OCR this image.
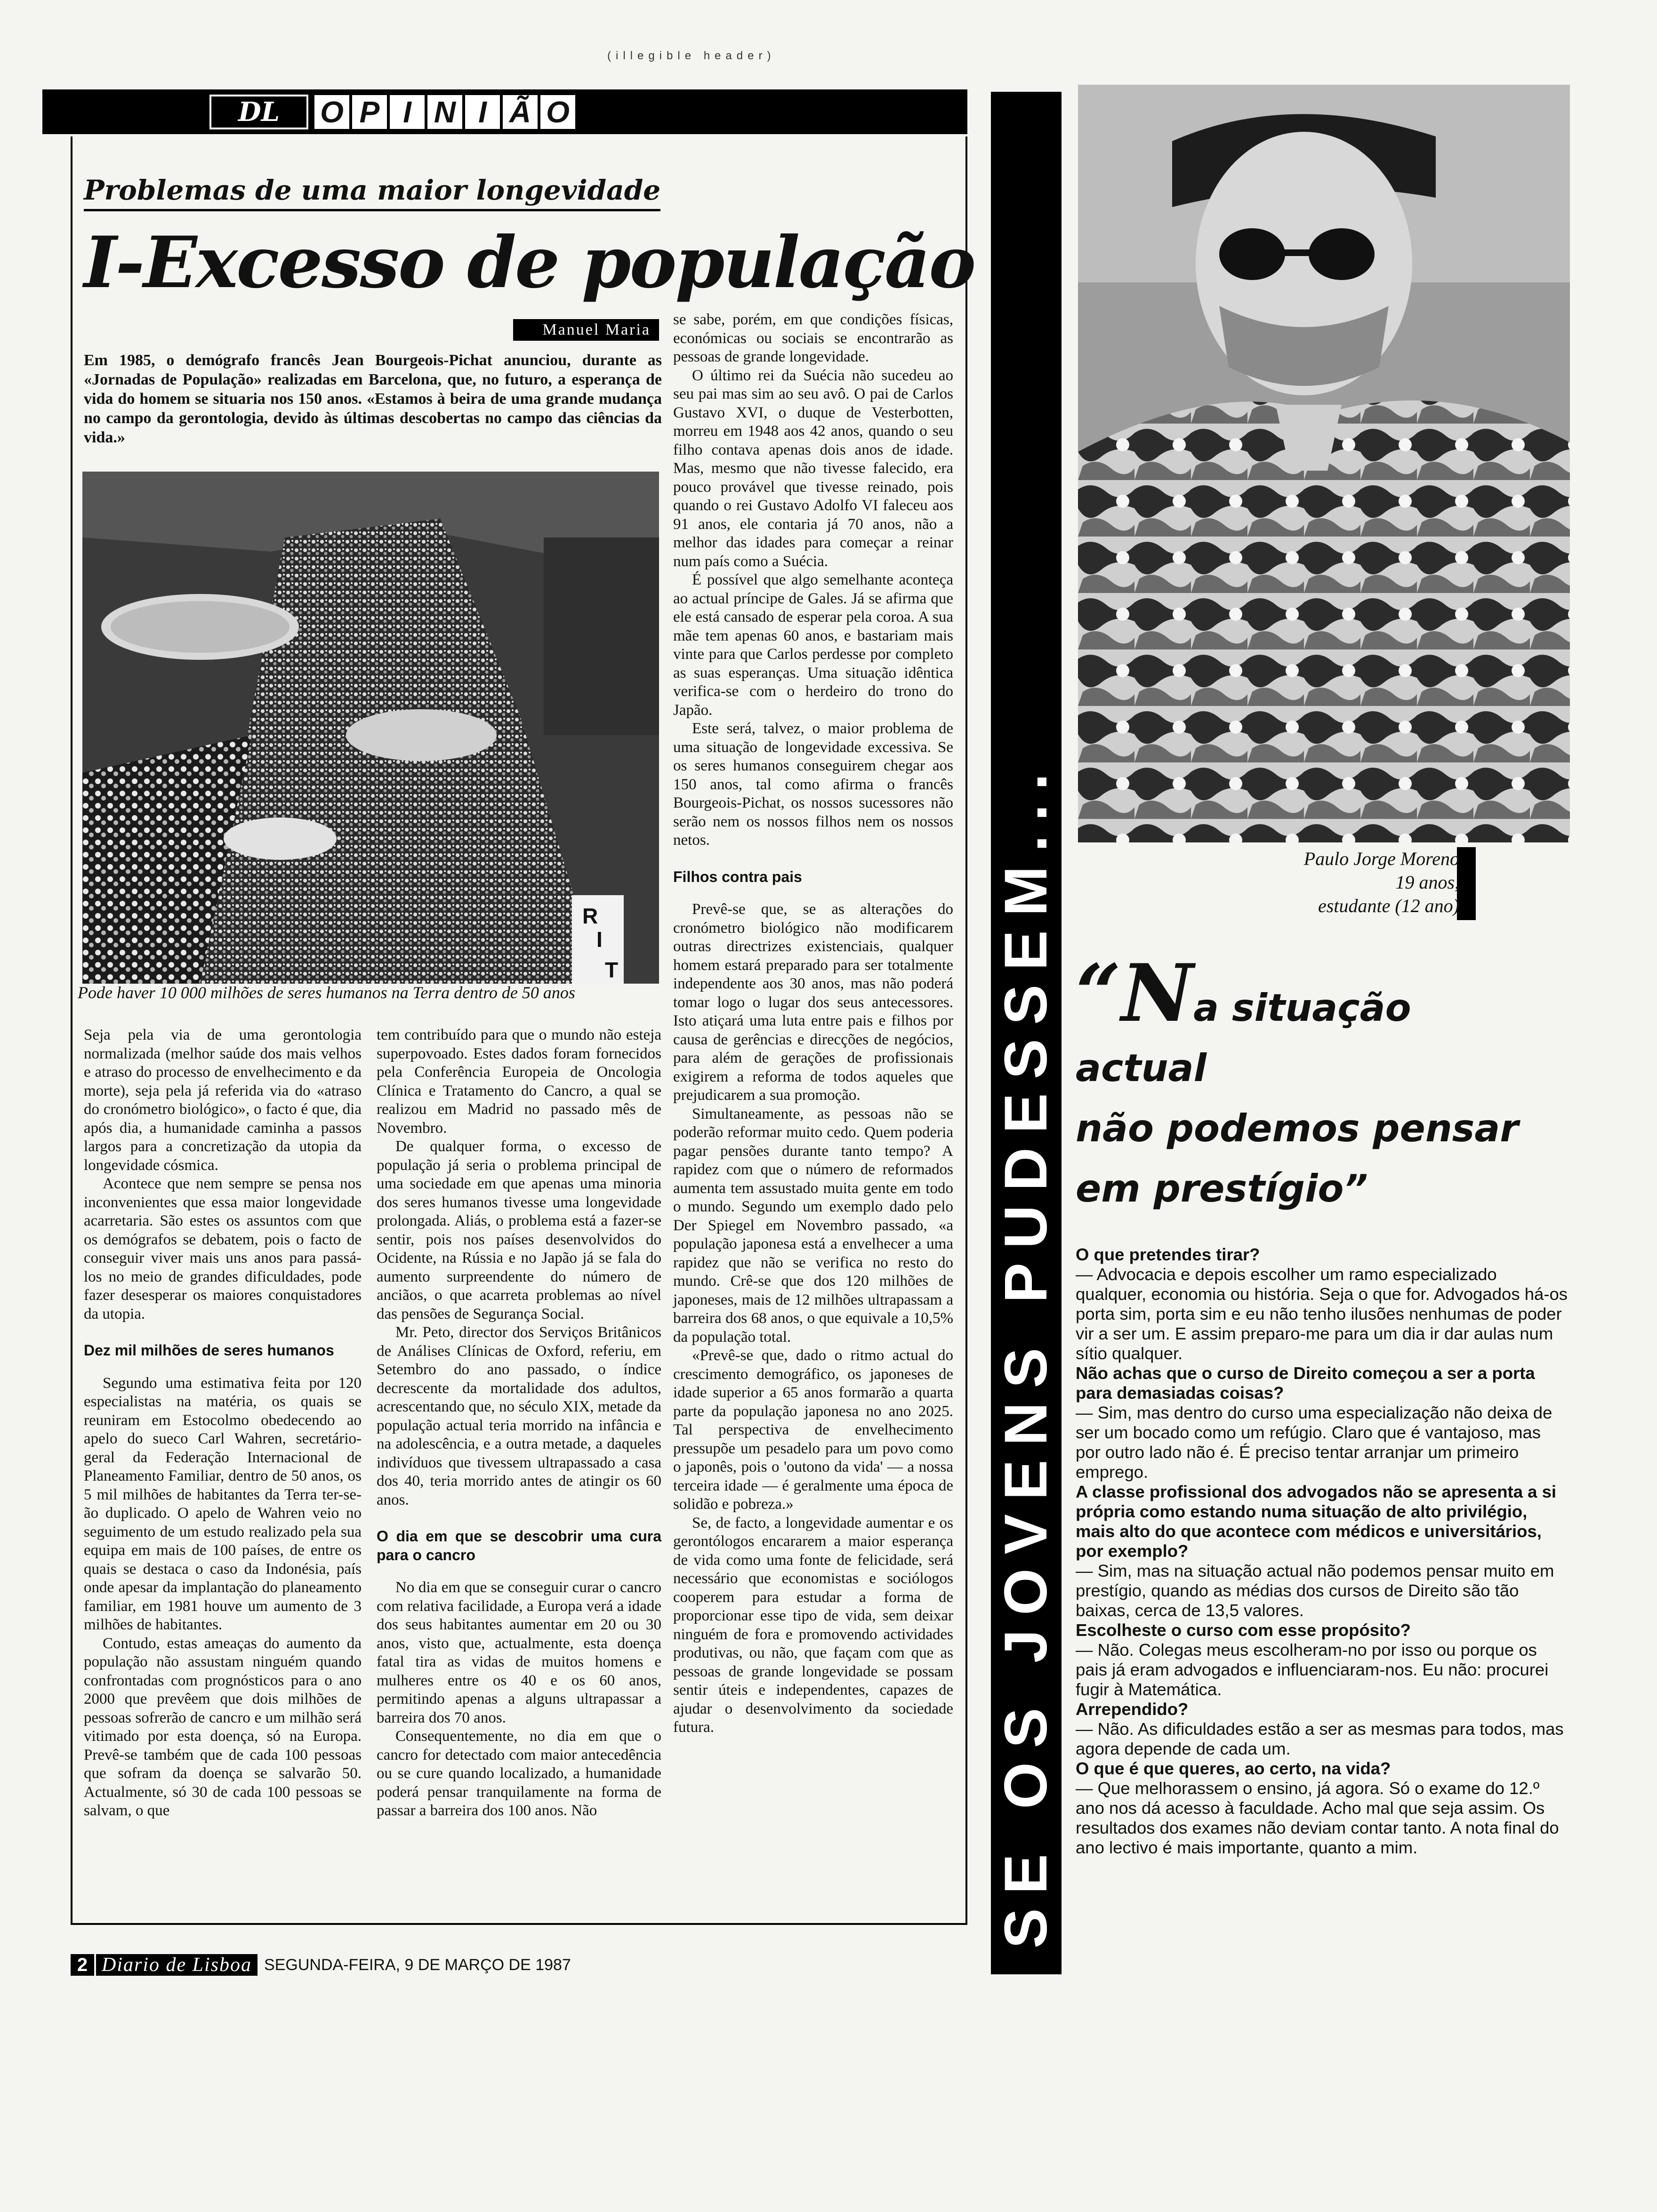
(illegible header)
DL	O P I N I Ã O
Problemas de uma maior longevidade
I-Excesso de população
Manuel Maria
Em 1985, o demógrafo francês Jean Bourgeois-Pichat anunciou, durante as «Jornadas de População» realizadas em Barcelona, que, no futuro, a esperança de vida do homem se situaria nos 150 anos. «Estamos à beira de uma grande mudança no campo da gerontologia, devido às últimas descobertas no campo das ciências da vida.»
R
I
T
Pode haver 10 000 milhões de seres humanos na Terra dentro de 50 anos

Seja pela via de uma gerontologia normalizada (melhor saúde dos mais velhos e atraso do processo de envelhecimento e da morte), seja pela já referida via do «atraso do cronómetro biológico», o facto é que, dia após dia, a humanidade caminha a passos largos para a concretização da utopia da longevidade cósmica.

Acontece que nem sempre se pensa nos inconvenientes que essa maior longevidade acarretaria. São estes os assuntos com que os demógrafos se debatem, pois o facto de conseguir viver mais uns anos para passá-los no meio de grandes dificuldades, pode fazer desesperar os maiores conquistadores da utopia.

Dez mil milhões de seres humanos

Segundo uma estimativa feita por 120 especialistas na matéria, os quais se reuniram em Estocolmo obedecendo ao apelo do sueco Carl Wahren, secretário-geral da Federação Internacional de Planeamento Familiar, dentro de 50 anos, os 5 mil milhões de habitantes da Terra ter-se-ão duplicado. O apelo de Wahren veio no seguimento de um estudo realizado pela sua equipa em mais de 100 países, de entre os quais se destaca o caso da Indonésia, país onde apesar da implantação do planeamento familiar, em 1981 houve um aumento de 3 milhões de habitantes.

Contudo, estas ameaças do aumento da população não assustam ninguém quando confrontadas com prognósticos para o ano 2000 que prevêem que dois milhões de pessoas sofrerão de cancro e um milhão será vitimado por esta doença, só na Europa. Prevê-se também que de cada 100 pessoas que sofram da doença se salvarão 50. Actualmente, só 30 de cada 100 pessoas se salvam, o que

tem contribuído para que o mundo não esteja superpovoado. Estes dados foram fornecidos pela Conferência Europeia de Oncologia Clínica e Tratamento do Cancro, a qual se realizou em Madrid no passado mês de Novembro.

De qualquer forma, o excesso de população já seria o problema principal de uma sociedade em que apenas uma minoria dos seres humanos tivesse uma longevidade prolongada. Aliás, o problema está a fazer-se sentir, pois nos países desenvolvidos do Ocidente, na Rússia e no Japão já se fala do aumento surpreendente do número de anciãos, o que acarreta problemas ao nível das pensões de Segurança Social.

Mr. Peto, director dos Serviços Britânicos de Análises Clínicas de Oxford, referiu, em Setembro do ano passado, o índice decrescente da mortalidade dos adultos, acrescentando que, no século XIX, metade da população actual teria morrido na infância e na adolescência, e a outra metade, a daqueles indivíduos que tivessem ultrapassado a casa dos 40, teria morrido antes de atingir os 60 anos.

O dia em que se descobrir uma cura para o cancro

No dia em que se conseguir curar o cancro com relativa facilidade, a Europa verá a idade dos seus habitantes aumentar em 20 ou 30 anos, visto que, actualmente, esta doença fatal tira as vidas de muitos homens e mulheres entre os 40 e os 60 anos, permitindo apenas a alguns ultrapassar a barreira dos 70 anos.

Consequentemente, no dia em que o cancro for detectado com maior antecedência ou se cure quando localizado, a humanidade poderá pensar tranquilamente na forma de passar a barreira dos 100 anos. Não

se sabe, porém, em que condições físicas, económicas ou sociais se encontrarão as pessoas de grande longevidade.

O último rei da Suécia não sucedeu ao seu pai mas sim ao seu avô. O pai de Carlos Gustavo XVI, o duque de Vesterbotten, morreu em 1948 aos 42 anos, quando o seu filho contava apenas dois anos de idade. Mas, mesmo que não tivesse falecido, era pouco provável que tivesse reinado, pois quando o rei Gustavo Adolfo VI faleceu aos 91 anos, ele contaria já 70 anos, não a melhor das idades para começar a reinar num país como a Suécia.

É possível que algo semelhante aconteça ao actual príncipe de Gales. Já se afirma que ele está cansado de esperar pela coroa. A sua mãe tem apenas 60 anos, e bastariam mais vinte para que Carlos perdesse por completo as suas esperanças. Uma situação idêntica verifica-se com o herdeiro do trono do Japão.

Este será, talvez, o maior problema de uma situação de longevidade excessiva. Se os seres humanos conseguirem chegar aos 150 anos, tal como afirma o francês Bourgeois-Pichat, os nossos sucessores não serão nem os nossos filhos nem os nossos netos.

Filhos contra pais

Prevê-se que, se as alterações do cronómetro biológico não modificarem outras directrizes existenciais, qualquer homem estará preparado para ser totalmente independente aos 30 anos, mas não poderá tomar logo o lugar dos seus antecessores. Isto atiçará uma luta entre pais e filhos por causa de gerências e direcções de negócios, para além de gerações de profissionais exigirem a reforma de todos aqueles que prejudicarem a sua promoção.

Simultaneamente, as pessoas não se poderão reformar muito cedo. Quem poderia pagar pensões durante tanto tempo? A rapidez com que o número de reformados aumenta tem assustado muita gente em todo o mundo. Segundo um exemplo dado pelo Der Spiegel em Novembro passado, «a população japonesa está a envelhecer a uma rapidez que não se verifica no resto do mundo. Crê-se que dos 120 milhões de japoneses, mais de 12 milhões ultrapassam a barreira dos 68 anos, o que equivale a 10,5% da população total.

«Prevê-se que, dado o ritmo actual do crescimento demográfico, os japoneses de idade superior a 65 anos formarão a quarta parte da população japonesa no ano 2025. Tal perspectiva de envelhecimento pressupõe um pesadelo para um povo como o japonês, pois o 'outono da vida' — a nossa terceira idade — é geralmente uma época de solidão e pobreza.»

Se, de facto, a longevidade aumentar e os gerontólogos encararem a maior esperança de vida como uma fonte de felicidade, será necessário que economistas e sociólogos cooperem para estudar a forma de proporcionar esse tipo de vida, sem deixar ninguém de fora e promovendo actividades produtivas, ou não, que façam com que as pessoas de grande longevidade se possam sentir úteis e independentes, capazes de ajudar o desenvolvimento da sociedade futura.	SE OS JOVENS PUDESSEM...	Paulo Jorge Moreno
19 anos,
estudante (12 ano)
“Na situação actual
não podemos pensar
em prestígio”

O que pretendes tirar?

— Advocacia e depois escolher um ramo especializado qualquer, economia ou história. Seja o que for. Advogados há-os porta sim, porta sim e eu não tenho ilusões nenhumas de poder vir a ser um. E assim preparo-me para um dia ir dar aulas num sítio qualquer.

Não achas que o curso de Direito começou a ser a porta para demasiadas coisas?

— Sim, mas dentro do curso uma especialização não deixa de ser um bocado como um refúgio. Claro que é vantajoso, mas por outro lado não é. É preciso tentar arranjar um primeiro emprego.

A classe profissional dos advogados não se apresenta a si própria como estando numa situação de alto privilégio, mais alto do que acontece com médicos e universitários, por exemplo?

— Sim, mas na situação actual não podemos pensar muito em prestígio, quando as médias dos cursos de Direito são tão baixas, cerca de 13,5 valores.

Escolheste o curso com esse propósito?

— Não. Colegas meus escolheram-no por isso ou porque os pais já eram advogados e influenciaram-nos. Eu não: procurei fugir à Matemática.

Arrependido?

— Não. As dificuldades estão a ser as mesmas para todos, mas agora depende de cada um.

O que é que queres, ao certo, na vida?

— Que melhorassem o ensino, já agora. Só o exame do 12.º ano nos dá acesso à faculdade. Acho mal que seja assim. Os resultados dos exames não deviam contar tanto. A nota final do ano lectivo é mais importante, quanto a mim.

2 Diario de Lisboa SEGUNDA-FEIRA, 9 DE MARÇO DE 1987
